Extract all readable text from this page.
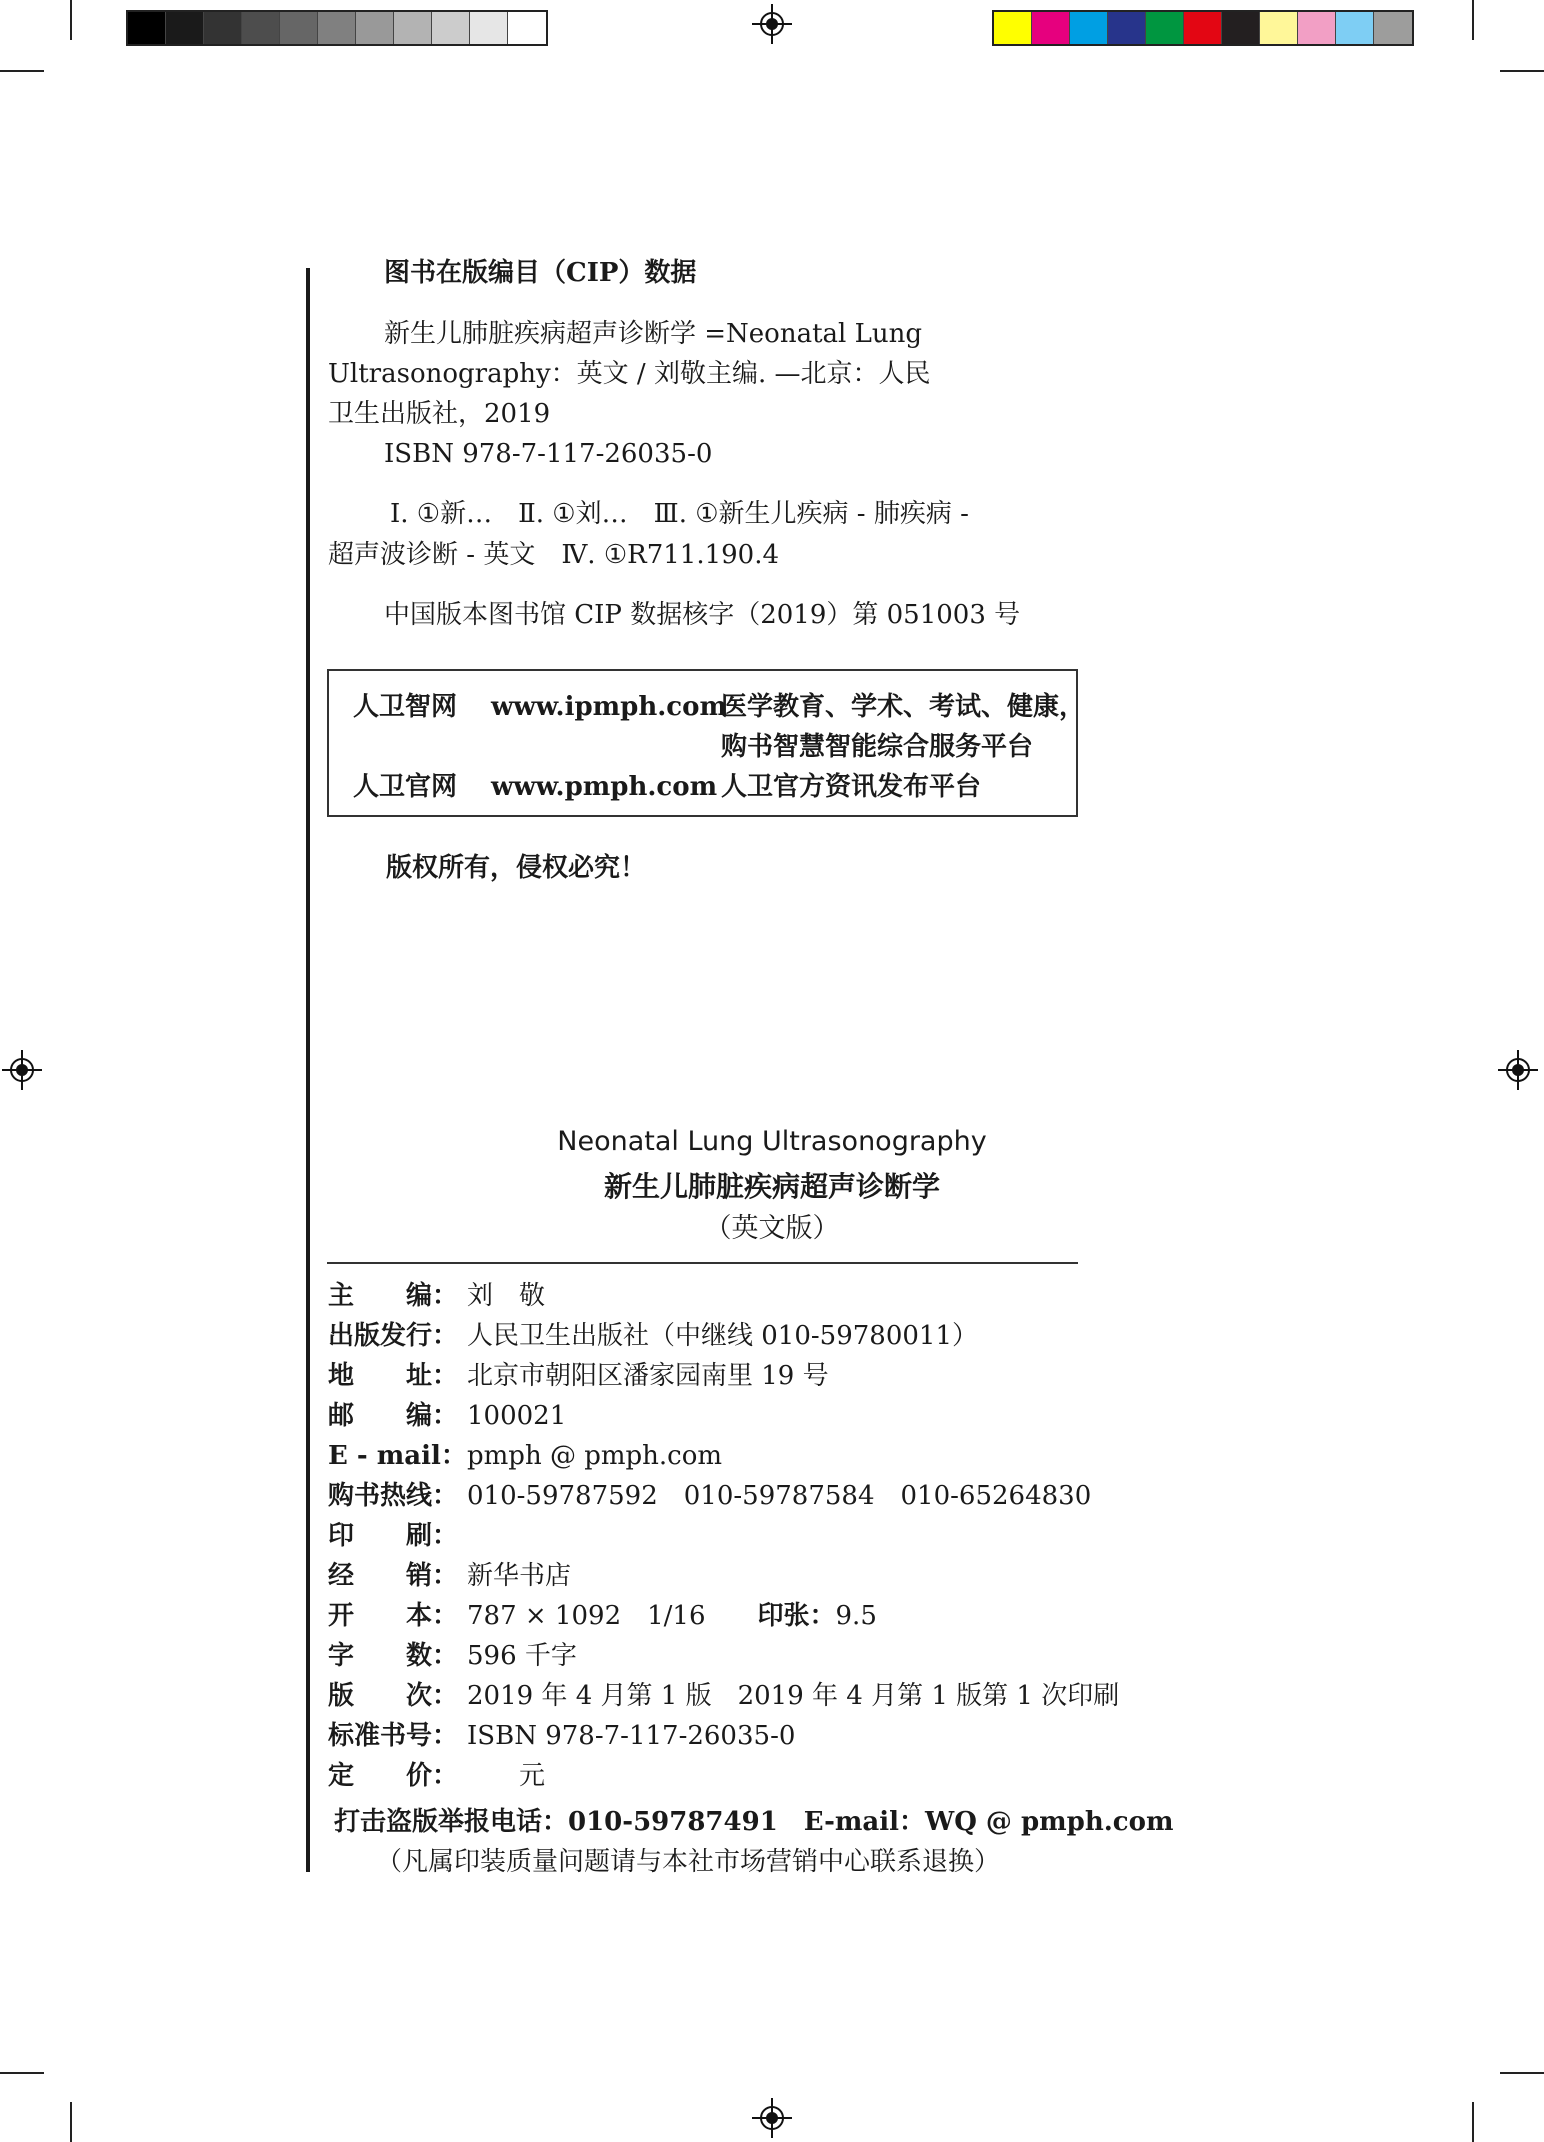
图书在版编目（CIP）数据
新生儿肺脏疾病超声诊断学 =Neonatal Lung
Ultrasonography：英文 / 刘敬主编. —北京：人民
卫生出版社，2019
ISBN 978-7-117-26035-0
Ⅰ. ①新…　Ⅱ. ①刘…　Ⅲ. ①新生儿疾病 - 肺疾病 -
超声波诊断 - 英文　Ⅳ. ①R711.190.4
中国版本图书馆 CIP 数据核字（2019）第 051003 号
人卫智网 www.ipmph.com
医学教育、学术、考试、健康，
购书智慧智能综合服务平台
人卫官网 www.pmph.com 人卫官方资讯发布平台
版权所有，侵权必究！
Neonatal Lung Ultrasonography
新生儿肺脏疾病超声诊断学
（英文版）
主　　编： 刘　敬
出版发行： 人民卫生出版社（中继线 010-59780011）
地　　址： 北京市朝阳区潘家园南里 19 号
邮　　编： 100021
E - mail： pmph @ pmph.com
购书热线： 010-59787592　010-59787584　010-65264830
印　　刷：
经　　销： 新华书店
开　　本： 787 × 1092　1/16　　印张：9.5
字　　数： 596 千字
版　　次： 2019 年 4 月第 1 版　2019 年 4 月第 1 版第 1 次印刷
标准书号： ISBN 978-7-117-26035-0
定　　价： 　　元
打击盗版举报电话：010-59787491　E-mail：WQ @ pmph.com
（凡属印装质量问题请与本社市场营销中心联系退换）
